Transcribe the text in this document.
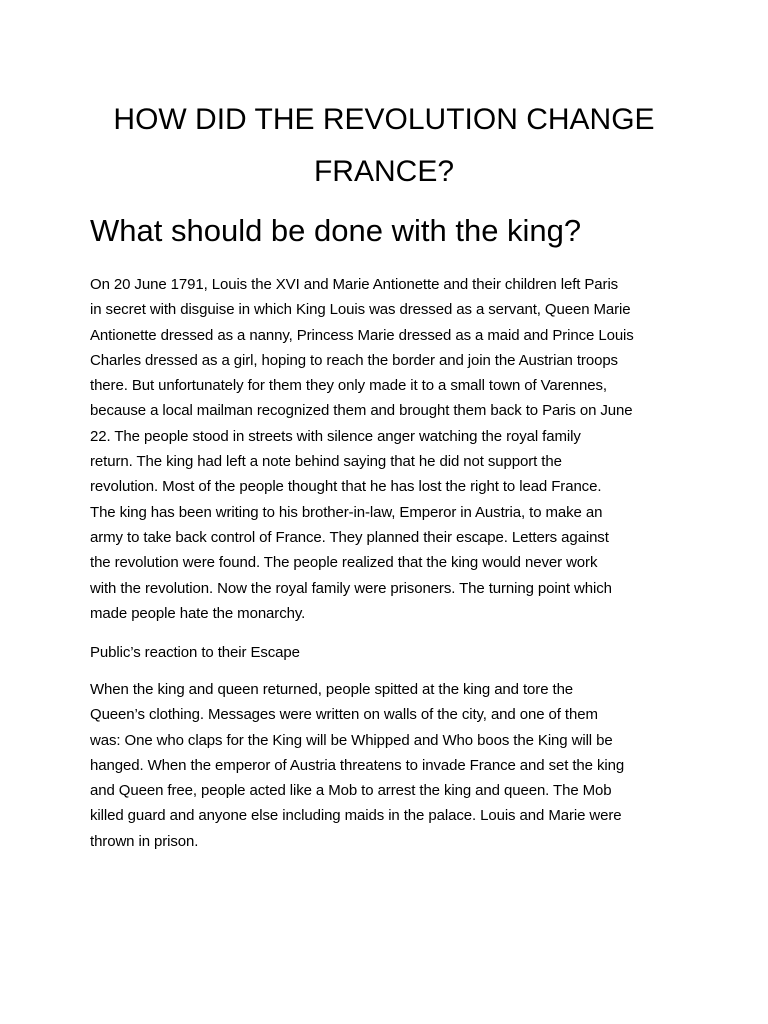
HOW DID THE REVOLUTION CHANGE
FRANCE?
What should be done with the king?

On 20 June 1791, Louis the XVI and Marie Antionette and their children left Paris
in secret with disguise in which King Louis was dressed as a servant, Queen Marie
Antionette dressed as a nanny, Princess Marie dressed as a maid and Prince Louis
Charles dressed as a girl, hoping to reach the border and join the Austrian troops
there. But unfortunately for them they only made it to a small town of Varennes,
because a local mailman recognized them and brought them back to Paris on June
22. The people stood in streets with silence anger watching the royal family
return. The king had left a note behind saying that he did not support the
revolution. Most of the people thought that he has lost the right to lead France.
The king has been writing to his brother-in-law, Emperor in Austria, to make an
army to take back control of France. They planned their escape. Letters against
the revolution were found. The people realized that the king would never work
with the revolution. Now the royal family were prisoners. The turning point which
made people hate the monarchy.

Public’s reaction to their Escape

When the king and queen returned, people spitted at the king and tore the
Queen’s clothing. Messages were written on walls of the city, and one of them
was: One who claps for the King will be Whipped and Who boos the King will be
hanged. When the emperor of Austria threatens to invade France and set the king
and Queen free, people acted like a Mob to arrest the king and queen. The Mob
killed guard and anyone else including maids in the palace. Louis and Marie were
thrown in prison.
